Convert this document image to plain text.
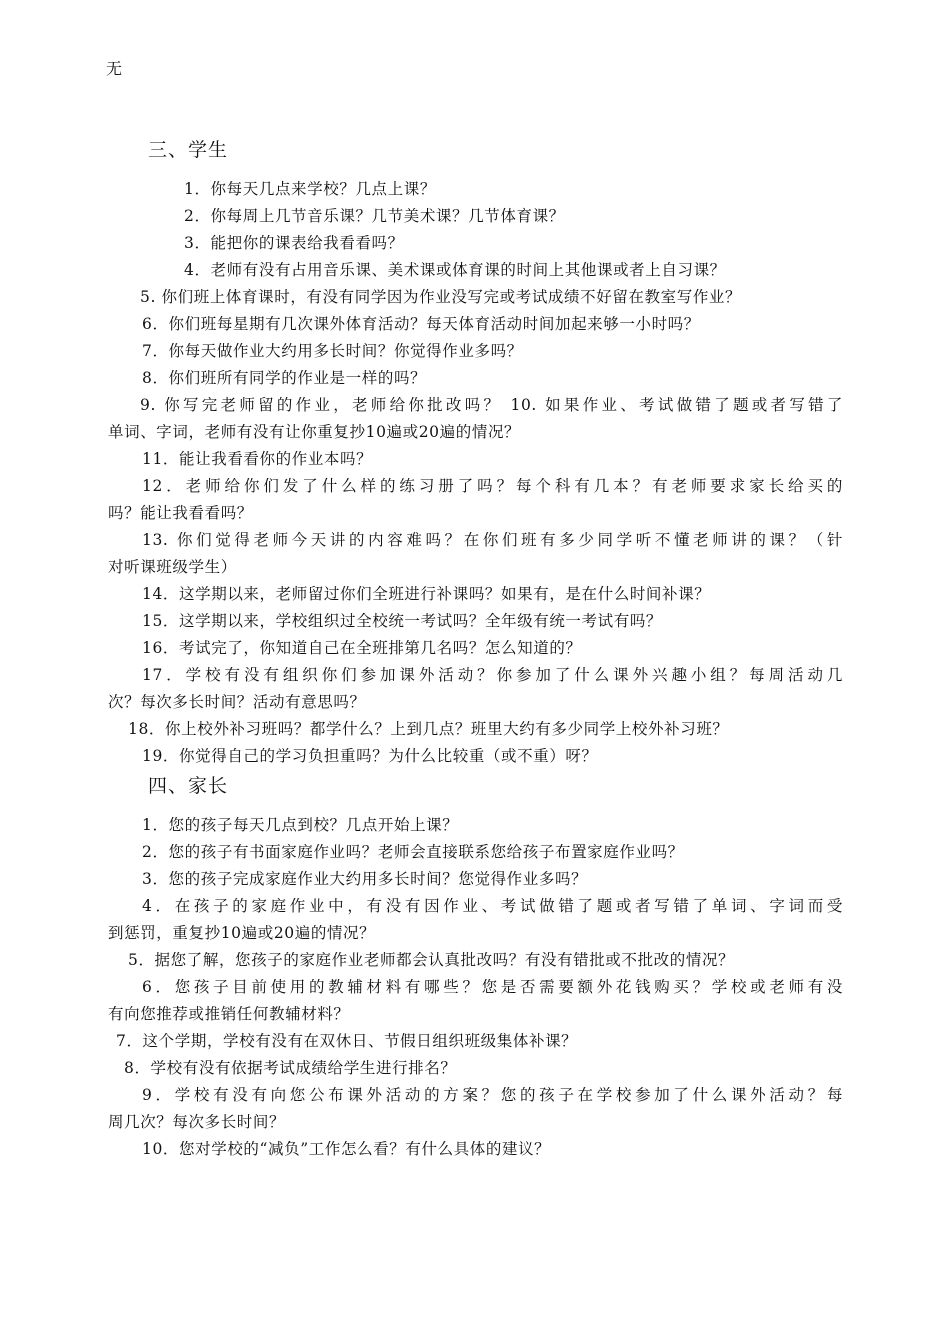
无
三、学生
1．你每天几点来学校？几点上课？
2．你每周上几节音乐课？几节美术课？几节体育课？
3．能把你的课表给我看看吗？
4．老师有没有占用音乐课、美术课或体育课的时间上其他课或者上自习课？
5. 你们班上体育课时，有没有同学因为作业没写完或考试成绩不好留在教室写作业？
6．你们班每星期有几次课外体育活动？每天体育活动时间加起来够一小时吗？
7．你每天做作业大约用多长时间？你觉得作业多吗？
8．你们班所有同学的作业是一样的吗？
9. 你写完老师留的作业，老师给你批改吗？ 10. 如果作业、考试做错了题或者写错了
单词、字词，老师有没有让你重复抄10遍或20遍的情况？
11．能让我看看你的作业本吗？
12．老师给你们发了什么样的练习册了吗？每个科有几本？有老师要求家长给买的
吗？能让我看看吗？
13. 你们觉得老师今天讲的内容难吗？在你们班有多少同学听不懂老师讲的课？（针
对听课班级学生）
14．这学期以来，老师留过你们全班进行补课吗？如果有，是在什么时间补课？
15．这学期以来，学校组织过全校统一考试吗？全年级有统一考试有吗？
16．考试完了，你知道自己在全班排第几名吗？怎么知道的？
17．学校有没有组织你们参加课外活动？你参加了什么课外兴趣小组？每周活动几
次？每次多长时间？活动有意思吗？
18．你上校外补习班吗？都学什么？上到几点？班里大约有多少同学上校外补习班？
19．你觉得自己的学习负担重吗？为什么比较重（或不重）呀？
四、家长
1．您的孩子每天几点到校？几点开始上课？
2．您的孩子有书面家庭作业吗？老师会直接联系您给孩子布置家庭作业吗？
3．您的孩子完成家庭作业大约用多长时间？您觉得作业多吗？
4．在孩子的家庭作业中，有没有因作业、考试做错了题或者写错了单词、字词而受
到惩罚，重复抄10遍或20遍的情况？
5．据您了解，您孩子的家庭作业老师都会认真批改吗？有没有错批或不批改的情况？
6．您孩子目前使用的教辅材料有哪些？您是否需要额外花钱购买？学校或老师有没
有向您推荐或推销任何教辅材料？
7．这个学期，学校有没有在双休日、节假日组织班级集体补课？
8．学校有没有依据考试成绩给学生进行排名？
9．学校有没有向您公布课外活动的方案？您的孩子在学校参加了什么课外活动？每
周几次？每次多长时间？
10．您对学校的“减负”工作怎么看？有什么具体的建议？
